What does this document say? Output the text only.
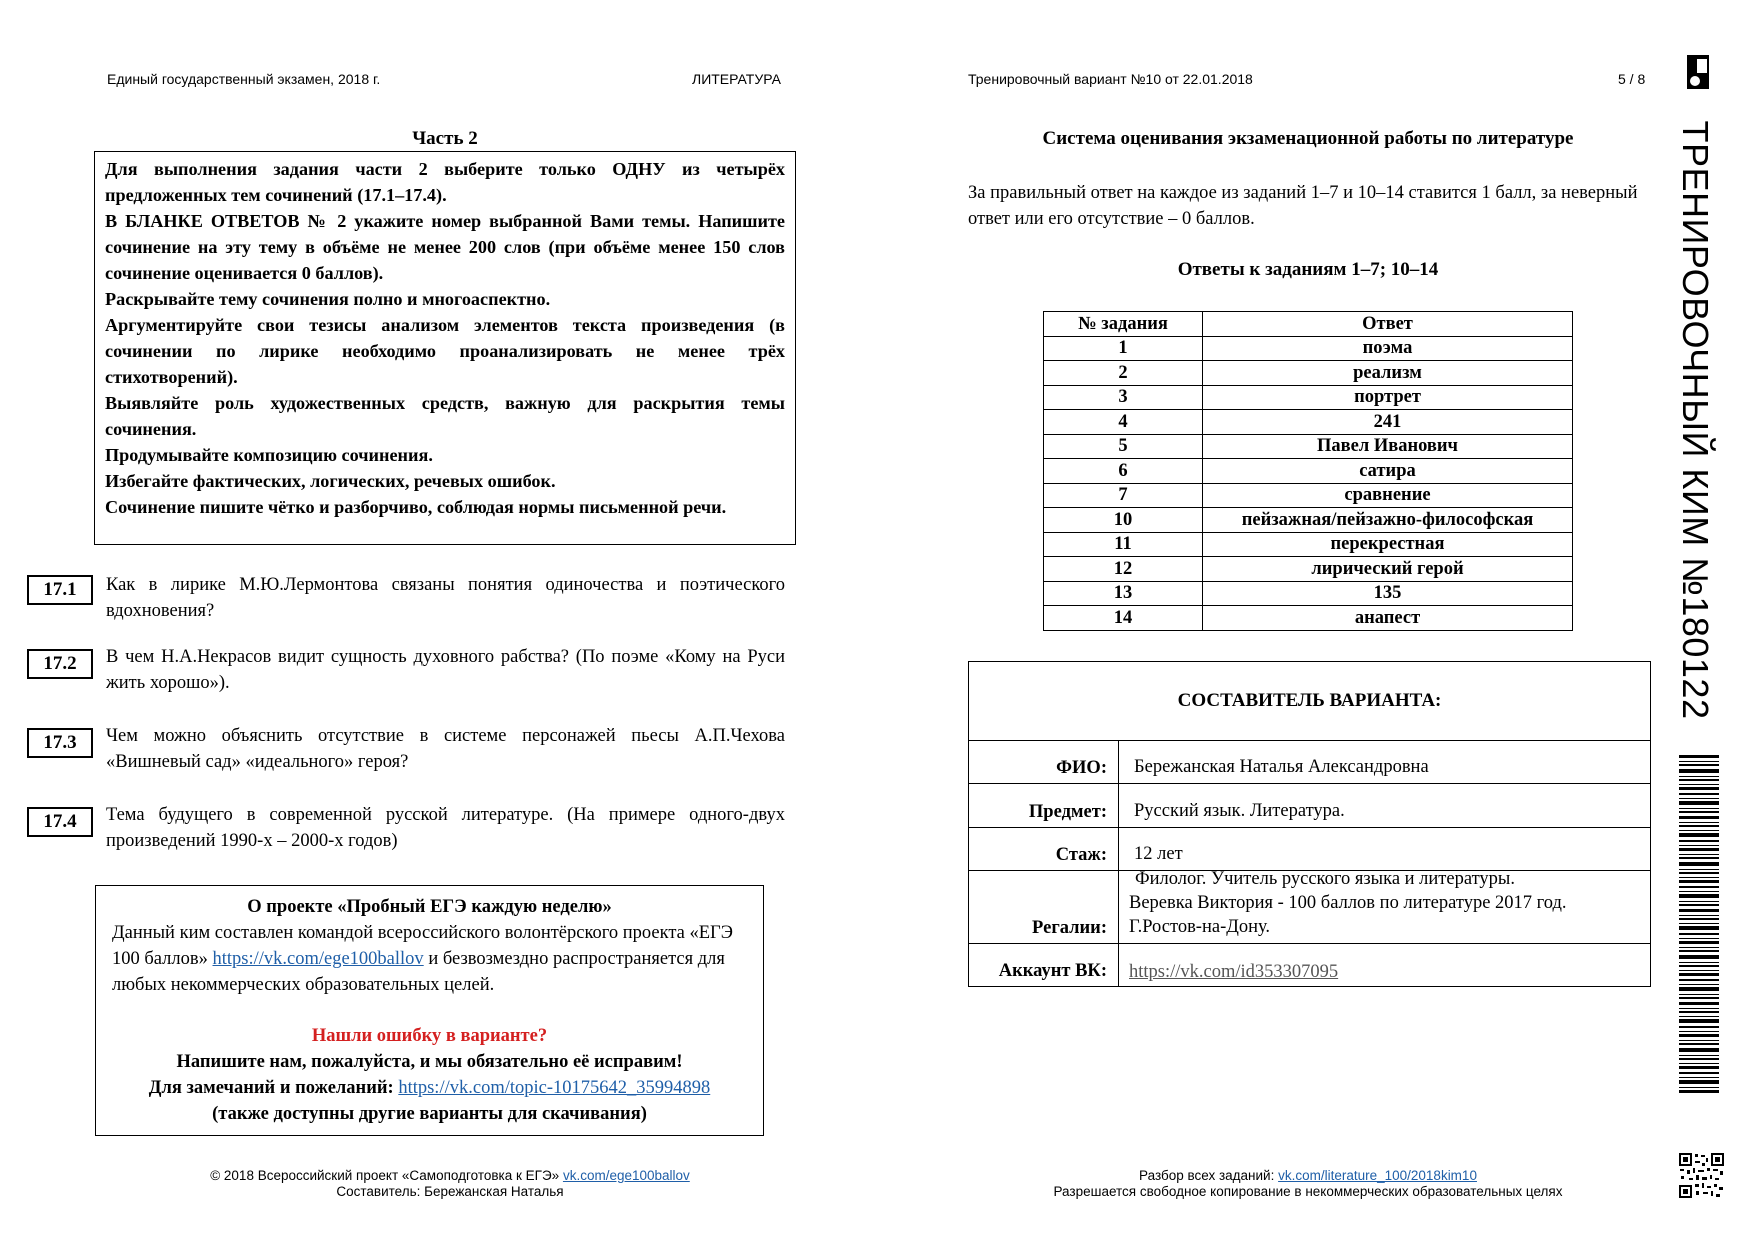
Единый государственный экзамен, 2018 г.	ЛИТЕРАТУРА	Тренировочный вариант №10 от 22.01.2018	5 / 8
Часть 2

Для выполнения задания части 2 выберите только ОДНУ из четырёх предложенных тем сочинений (17.1–17.4).

В БЛАНКЕ ОТВЕТОВ № 2 укажите номер выбранной Вами темы. Напишите сочинение на эту тему в объёме не менее 200 слов (при объёме менее 150 слов сочинение оценивается 0 баллов).

Раскрывайте тему сочинения полно и многоаспектно.

Аргументируйте свои тезисы анализом элементов текста произведения (в сочинении по лирике необходимо проанализировать не менее трёх стихотворений).

Выявляйте роль художественных средств, важную для раскрытия темы сочинения.

Продумывайте композицию сочинения.

Избегайте фактических, логических, речевых ошибок.

Сочинение пишите чётко и разборчиво, соблюдая нормы письменной речи.

17.1	Как в лирике М.Ю.Лермонтова связаны понятия одиночества и поэтического вдохновения?
17.2	В чем Н.А.Некрасов видит сущность духовного рабства? (По поэме «Кому на Руси жить хорошо»).
17.3	Чем можно объяснить отсутствие в системе персонажей пьесы А.П.Чехова «Вишневый сад» «идеального» героя?
17.4	Тема будущего в современной русской литературе. (На примере одного-двух произведений 1990-х – 2000-х годов)
О проекте «Пробный ЕГЭ каждую неделю»
Данный ким составлен командой всероссийского волонтёрского проекта «ЕГЭ 100 баллов» https://vk.com/ege100ballov и безвозмездно распространяется для любых некоммерческих образовательных целей.
Нашли ошибку в варианте?
Напишите нам, пожалуйста, и мы обязательно её исправим!
Для замечаний и пожеланий: https://vk.com/topic-10175642_35994898
(также доступны другие варианты для скачивания)
© 2018 Всероссийский проект «Самоподготовка к ЕГЭ» vk.com/ege100ballov
Составитель: Бережанская Наталья
Разбор всех заданий: vk.com/literature_100/2018kim10
Разрешается свободное копирование в некоммерческих образовательных целях
Система оценивания экзаменационной работы по литературе
За правильный ответ на каждое из заданий 1–7 и 10–14 ставится 1 балл, за неверный ответ или его отсутствие – 0 баллов.
Ответы к заданиям 1–7; 10–14
№ задания	Ответ
1	поэма
2	реализм
3	портрет
4	241
5	Павел Иванович
6	сатира
7	сравнение
10	пейзажная/пейзажно-философская
11	перекрестная
12	лирический герой
13	135
14	анапест
СОСТАВИТЕЛЬ ВАРИАНТА:
ФИО: Бережанская Наталья Александровна
Предмет: Русский язык. Литература.
Стаж: 12 лет
Регалии:
Филолог. Учитель русского языка и литературы.
Веревка Виктория - 100 баллов по литературе 2017 год.
Г.Ростов-на-Дону.
Аккаунт ВК: https://vk.com/id353307095
ТРЕНИРОВОЧНЫЙ КИМ №180122
